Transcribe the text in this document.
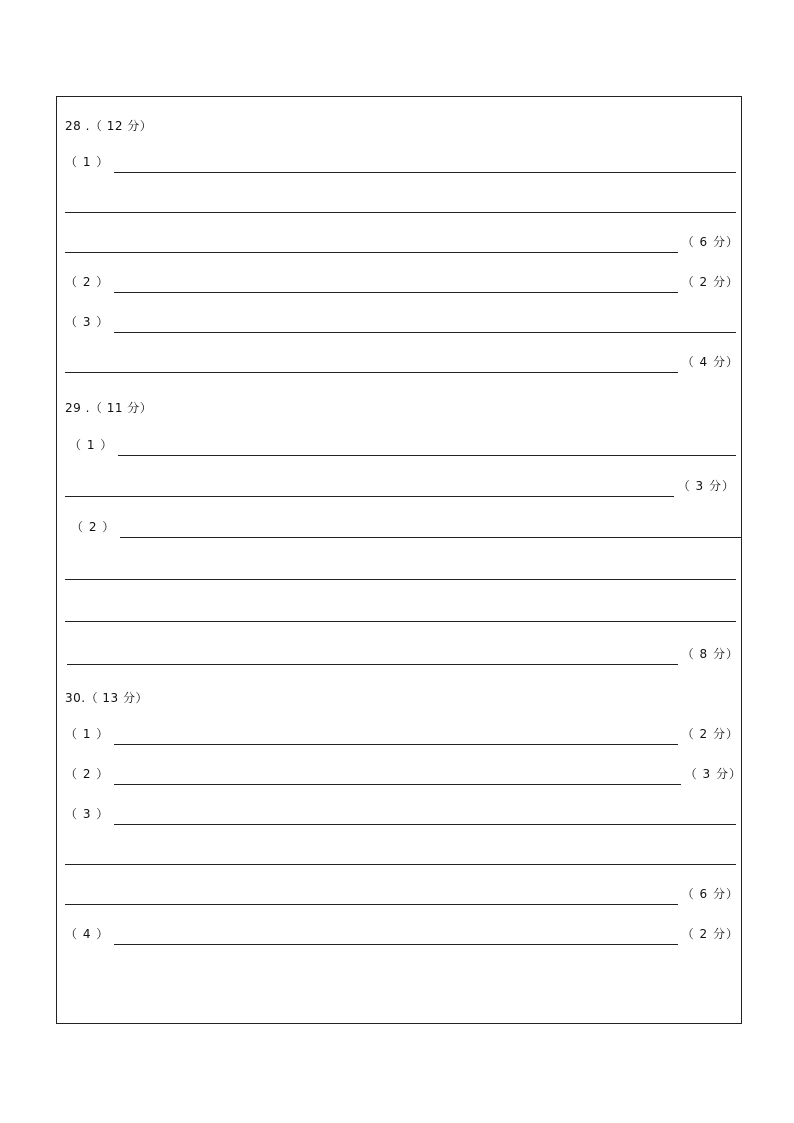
28 .（ 12 分）
（ 1 ）
（ 6 分）
（ 2 ）	（ 2 分）
（ 3 ）
（ 4 分）
29 .（ 11 分）
（ 1 ）
（ 3 分）
（ 2 ）
（ 8 分）
30.（ 13 分）
（ 1 ）	（ 2 分）
（ 2 ）	（ 3 分）
（ 3 ）
（ 6 分）
（ 4 ）	（ 2 分）
